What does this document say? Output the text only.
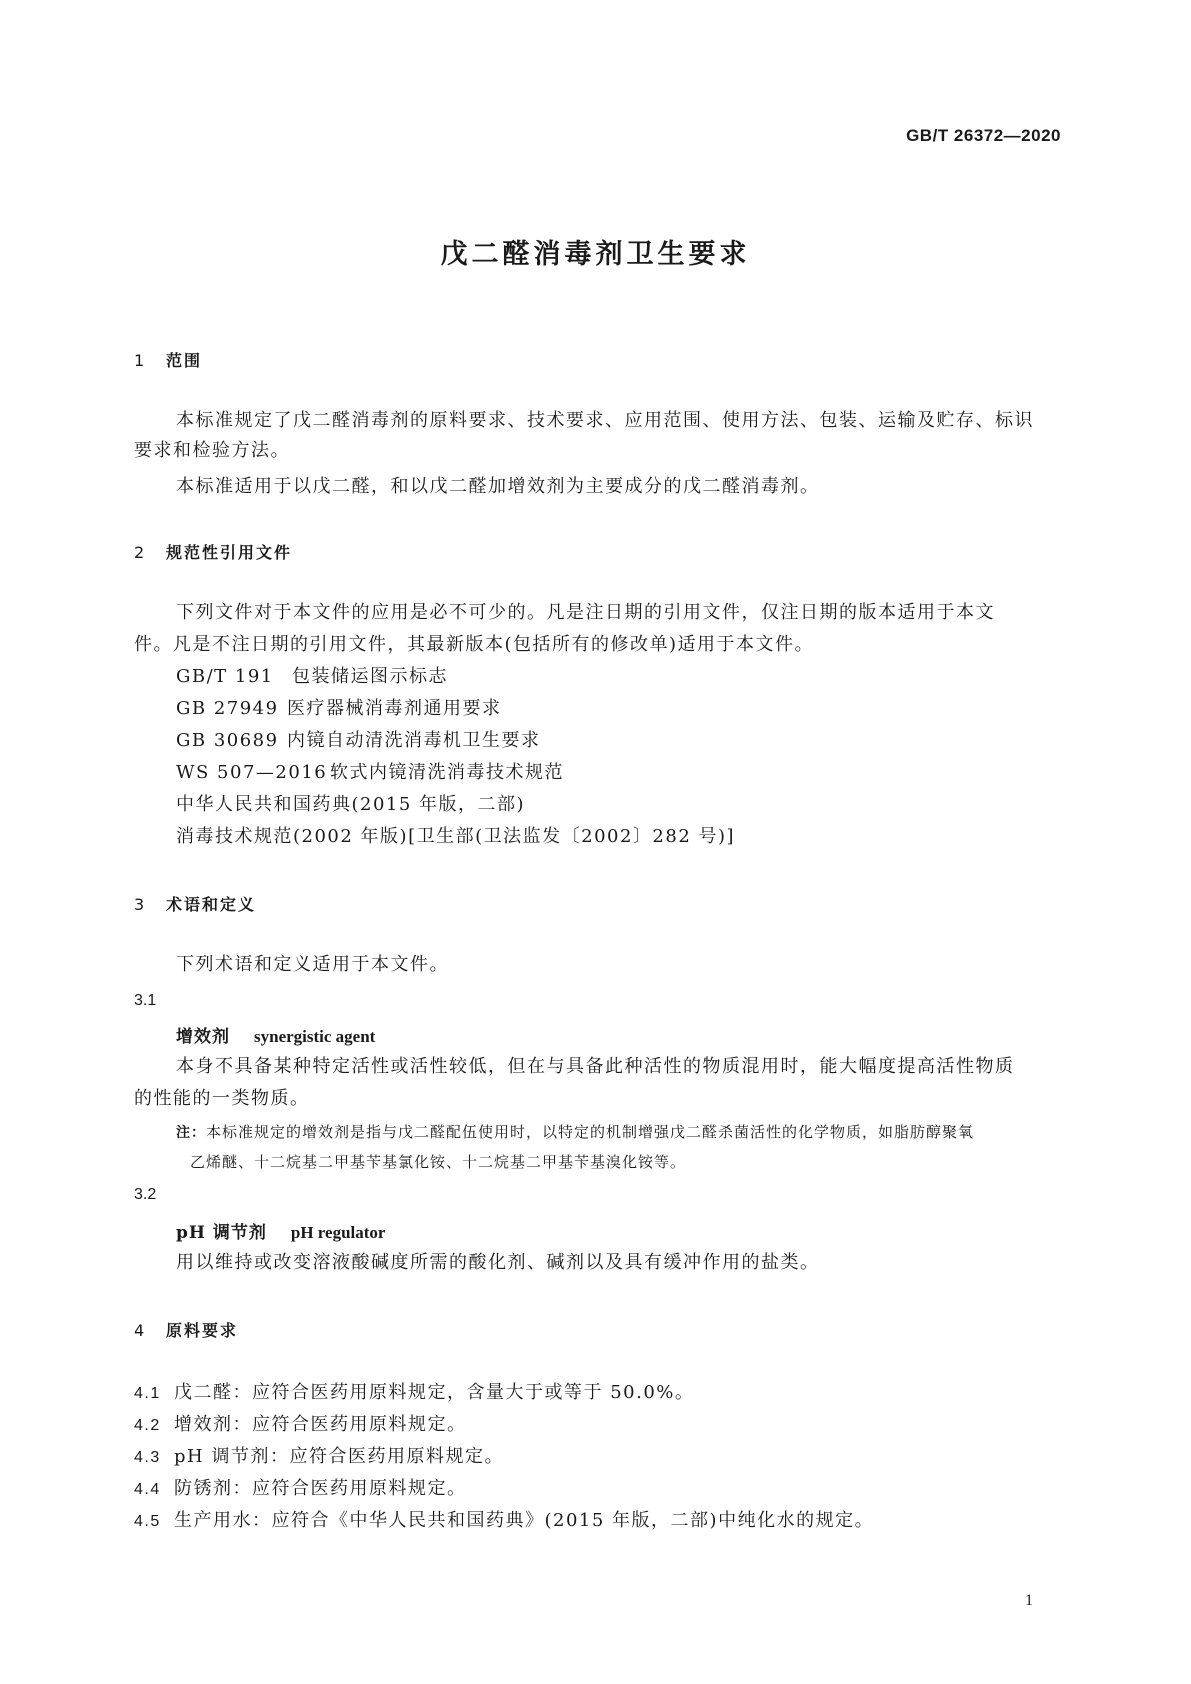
GB/T 26372—2020
戊二醛消毒剂卫生要求
1 范围
本标准规定了戊二醛消毒剂的原料要求、技术要求、应用范围、使用方法、包装、运输及贮存、标识
要求和检验方法。
本标准适用于以戊二醛，和以戊二醛加增效剂为主要成分的戊二醛消毒剂。
2 规范性引用文件
下列文件对于本文件的应用是必不可少的。凡是注日期的引用文件，仅注日期的版本适用于本文
件。凡是不注日期的引用文件，其最新版本(包括所有的修改单)适用于本文件。
GB/T 191 包装储运图示标志
GB 27949 医疗器械消毒剂通用要求
GB 30689 内镜自动清洗消毒机卫生要求
WS 507—2016 软式内镜清洗消毒技术规范
中华人民共和国药典(2015 年版，二部)
消毒技术规范(2002 年版)[卫生部(卫法监发〔2002〕282 号)]
3 术语和定义
下列术语和定义适用于本文件。
3.1
增效剂 synergistic agent
本身不具备某种特定活性或活性较低，但在与具备此种活性的物质混用时，能大幅度提高活性物质
的性能的一类物质。
注：本标准规定的增效剂是指与戊二醛配伍使用时，以特定的机制增强戊二醛杀菌活性的化学物质，如脂肪醇聚氧
乙烯醚、十二烷基二甲基苄基氯化铵、十二烷基二甲基苄基溴化铵等。
3.2
pH 调节剂 pH regulator
用以维持或改变溶液酸碱度所需的酸化剂、碱剂以及具有缓冲作用的盐类。
4 原料要求
4.1 戊二醛：应符合医药用原料规定，含量大于或等于 50.0%。
4.2 增效剂：应符合医药用原料规定。
4.3 pH 调节剂：应符合医药用原料规定。
4.4 防锈剂：应符合医药用原料规定。
4.5 生产用水：应符合《中华人民共和国药典》(2015 年版，二部)中纯化水的规定。
1
